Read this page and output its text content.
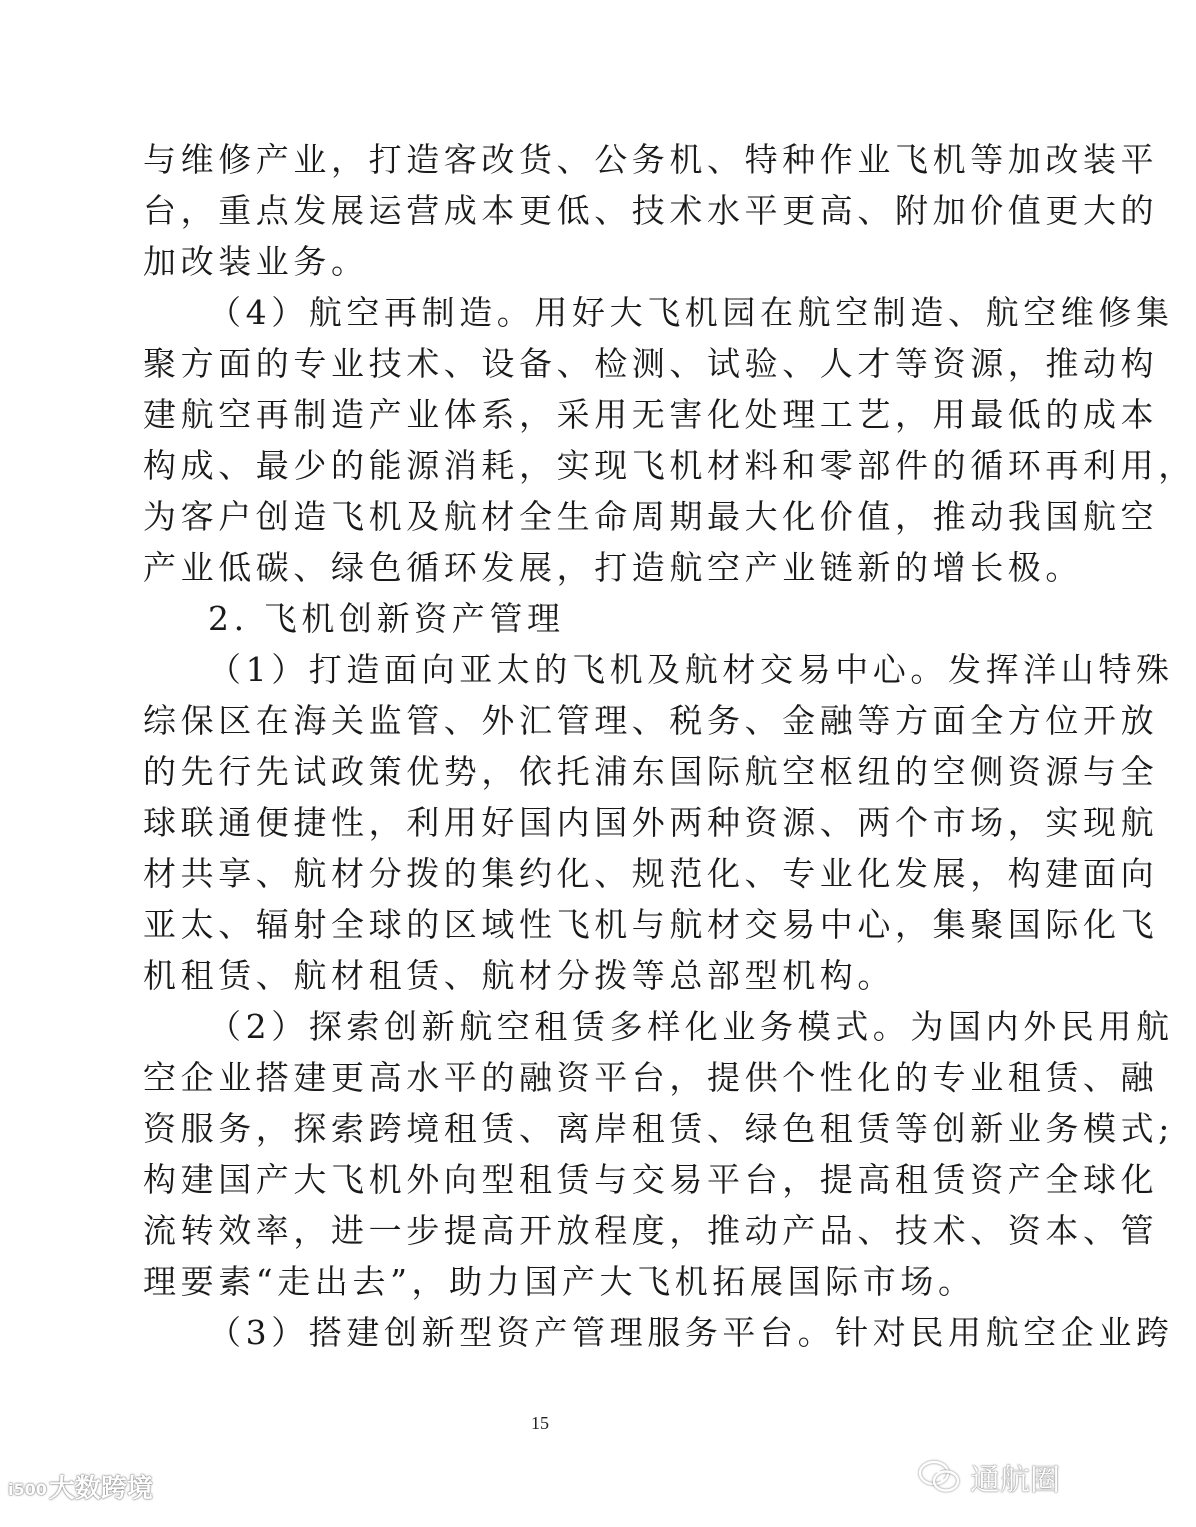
与维修产业，打造客改货、公务机、特种作业飞机等加改装平
台，重点发展运营成本更低、技术水平更高、附加价值更大的
加改装业务。
（4）航空再制造。用好大飞机园在航空制造、航空维修集
聚方面的专业技术、设备、检测、试验、人才等资源，推动构
建航空再制造产业体系，采用无害化处理工艺，用最低的成本
构成、最少的能源消耗，实现飞机材料和零部件的循环再利用，
为客户创造飞机及航材全生命周期最大化价值，推动我国航空
产业低碳、绿色循环发展，打造航空产业链新的增长极。
2. 飞机创新资产管理
（1）打造面向亚太的飞机及航材交易中心。发挥洋山特殊
综保区在海关监管、外汇管理、税务、金融等方面全方位开放
的先行先试政策优势，依托浦东国际航空枢纽的空侧资源与全
球联通便捷性，利用好国内国外两种资源、两个市场，实现航
材共享、航材分拨的集约化、规范化、专业化发展，构建面向
亚太、辐射全球的区域性飞机与航材交易中心，集聚国际化飞
机租赁、航材租赁、航材分拨等总部型机构。
（2）探索创新航空租赁多样化业务模式。为国内外民用航
空企业搭建更高水平的融资平台，提供个性化的专业租赁、融
资服务，探索跨境租赁、离岸租赁、绿色租赁等创新业务模式;
构建国产大飞机外向型租赁与交易平台，提高租赁资产全球化
流转效率，进一步提高开放程度，推动产品、技术、资本、管
理要素“走出去”，助力国产大飞机拓展国际市场。
（3）搭建创新型资产管理服务平台。针对民用航空企业跨
15
i500大数跨境	通航圈
